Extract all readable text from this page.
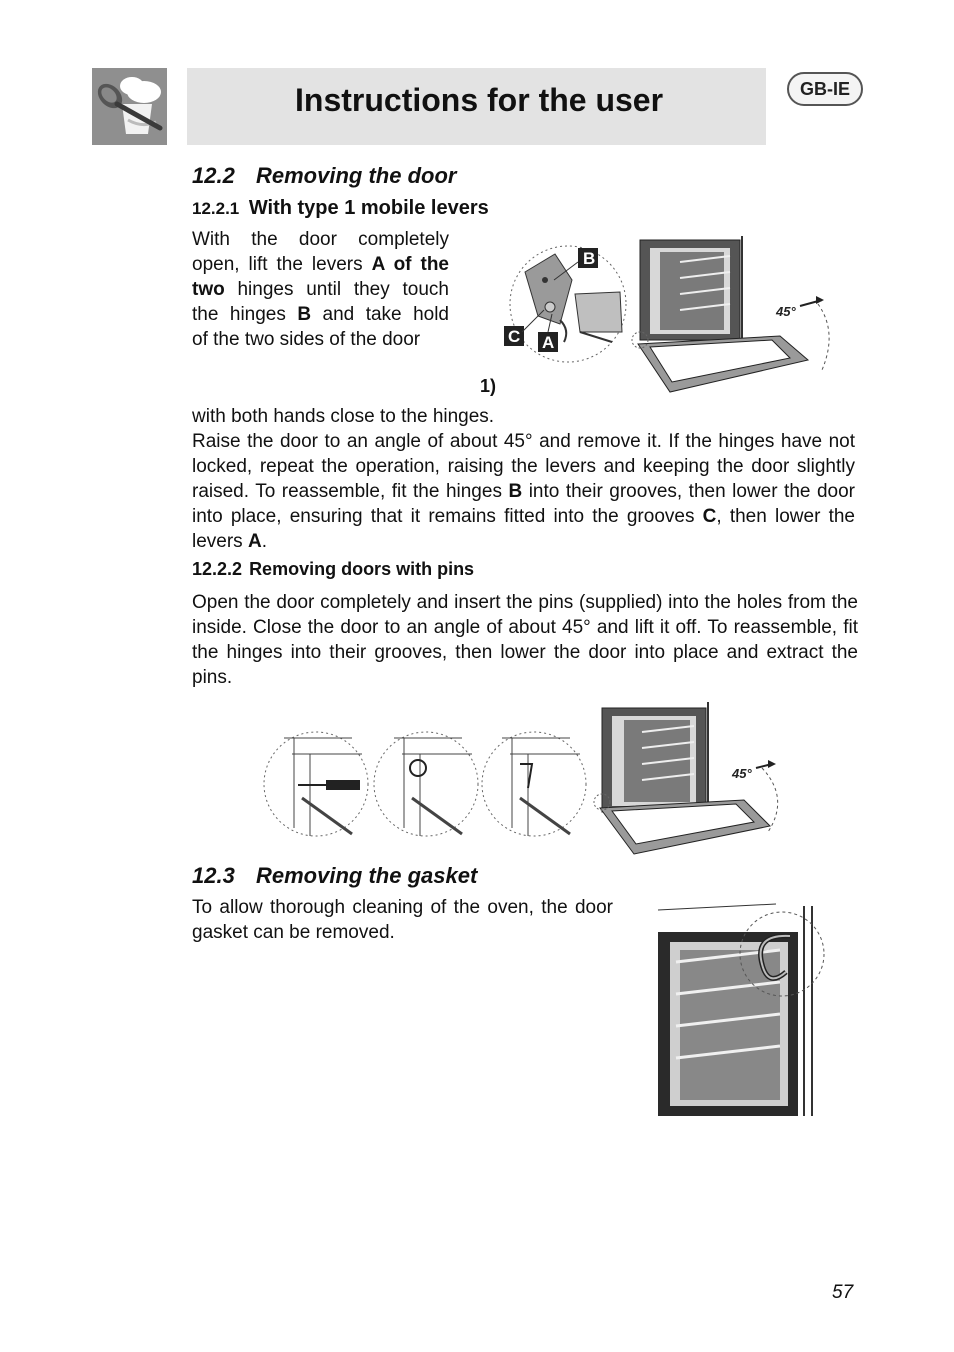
Instructions for the user	GB-IE
12.2 Removing the door
12.2.1 With type 1 mobile levers
With the door completely
open, lift the levers A of the
two hinges until they touch
the hinges B and take hold
of the two sides of the door
B
C A
45°
1)
with both hands close to the hinges.
Raise the door to an angle of about 45° and remove it. If the hinges have not locked, repeat the operation, raising the levers and keeping the door slightly raised. To reassemble, fit the hinges B into their grooves, then lower the door into place, ensuring that it remains fitted into the grooves C, then lower the levers A.
12.2.2 Removing doors with pins
Open the door completely and insert the pins (supplied) into the holes from the inside. Close the door to an angle of about 45° and lift it off. To reassemble, fit the hinges into their grooves, then lower the door into place and extract the pins.
45°
12.3 Removing the gasket
To allow thorough cleaning of the oven, the door gasket can be removed.
57
